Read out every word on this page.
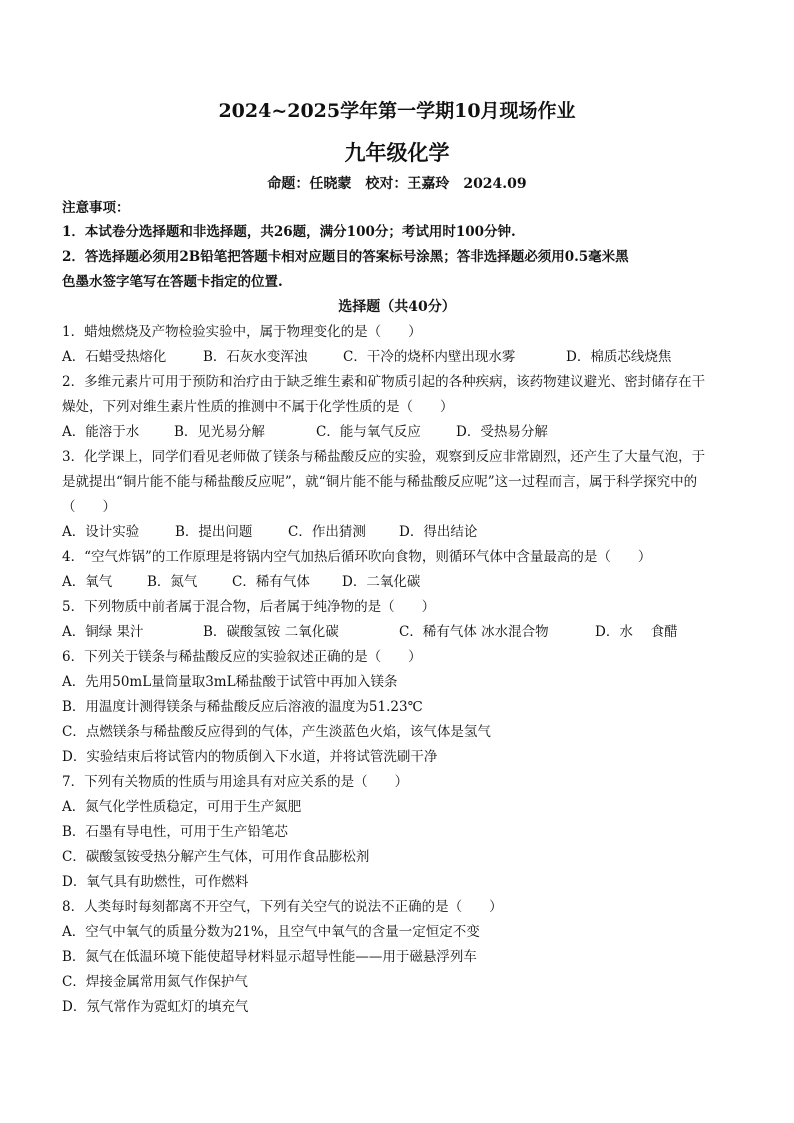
2024~2025学年第一学期10月现场作业
九年级化学
命题：任晓蒙　校对：王嘉玲　2024.09
注意事项：
1．本试卷分选择题和非选择题，共26题，满分100分；考试用时100分钟.
2．答选择题必须用2B铅笔把答题卡相对应题目的答案标号涂黑；答非选择题必须用0.5毫米黑
色墨水签字笔写在答题卡指定的位置.
选择题（共40分）
1．蜡烛燃烧及产物检验实验中，属于物理变化的是（　　）
A．石蜡受热熔化	B．石灰水变浑浊	C．干冷的烧杯内壁出现水雾	D．棉质芯线烧焦
2．多维元素片可用于预防和治疗由于缺乏维生素和矿物质引起的各种疾病，该药物建议避光、密封储存在干
燥处，下列对维生素片性质的推测中不属于化学性质的是（　　）
A．能溶于水	B．见光易分解	C．能与氧气反应	D．受热易分解
3．化学课上，同学们看见老师做了镁条与稀盐酸反应的实验，观察到反应非常剧烈，还产生了大量气泡，于
是就提出“铜片能不能与稀盐酸反应呢”，就“铜片能不能与稀盐酸反应呢”这一过程而言，属于科学探究中的
（　　）
A．设计实验	B．提出问题	C．作出猜测 D．得出结论
4．“空气炸锅”的工作原理是将锅内空气加热后循环吹向食物，则循环气体中含量最高的是（　　）
A．氧气	B．氮气	C．稀有气体 D．二氧化碳
5．下列物质中前者属于混合物，后者属于纯净物的是（　　）
A．铜绿 果汁	B．碳酸氢铵 二氧化碳	C．稀有气体 冰水混合物	D．水　 食醋
6．下列关于镁条与稀盐酸反应的实验叙述正确的是（　　）
A．先用50mL量筒量取3mL稀盐酸于试管中再加入镁条
B．用温度计测得镁条与稀盐酸反应后溶液的温度为51.23℃
C．点燃镁条与稀盐酸反应得到的气体，产生淡蓝色火焰，该气体是氢气
D．实验结束后将试管内的物质倒入下水道，并将试管洗刷干净
7．下列有关物质的性质与用途具有对应关系的是（　　）
A．氮气化学性质稳定，可用于生产氮肥
B．石墨有导电性，可用于生产铅笔芯
C．碳酸氢铵受热分解产生气体，可用作食品膨松剂
D．氧气具有助燃性，可作燃料
8．人类每时每刻都离不开空气，下列有关空气的说法不正确的是（　　）
A．空气中氧气的质量分数为21%，且空气中氧气的含量一定恒定不变
B．氮气在低温环境下能使超导材料显示超导性能——用于磁悬浮列车
C．焊接金属常用氮气作保护气
D．氖气常作为霓虹灯的填充气
